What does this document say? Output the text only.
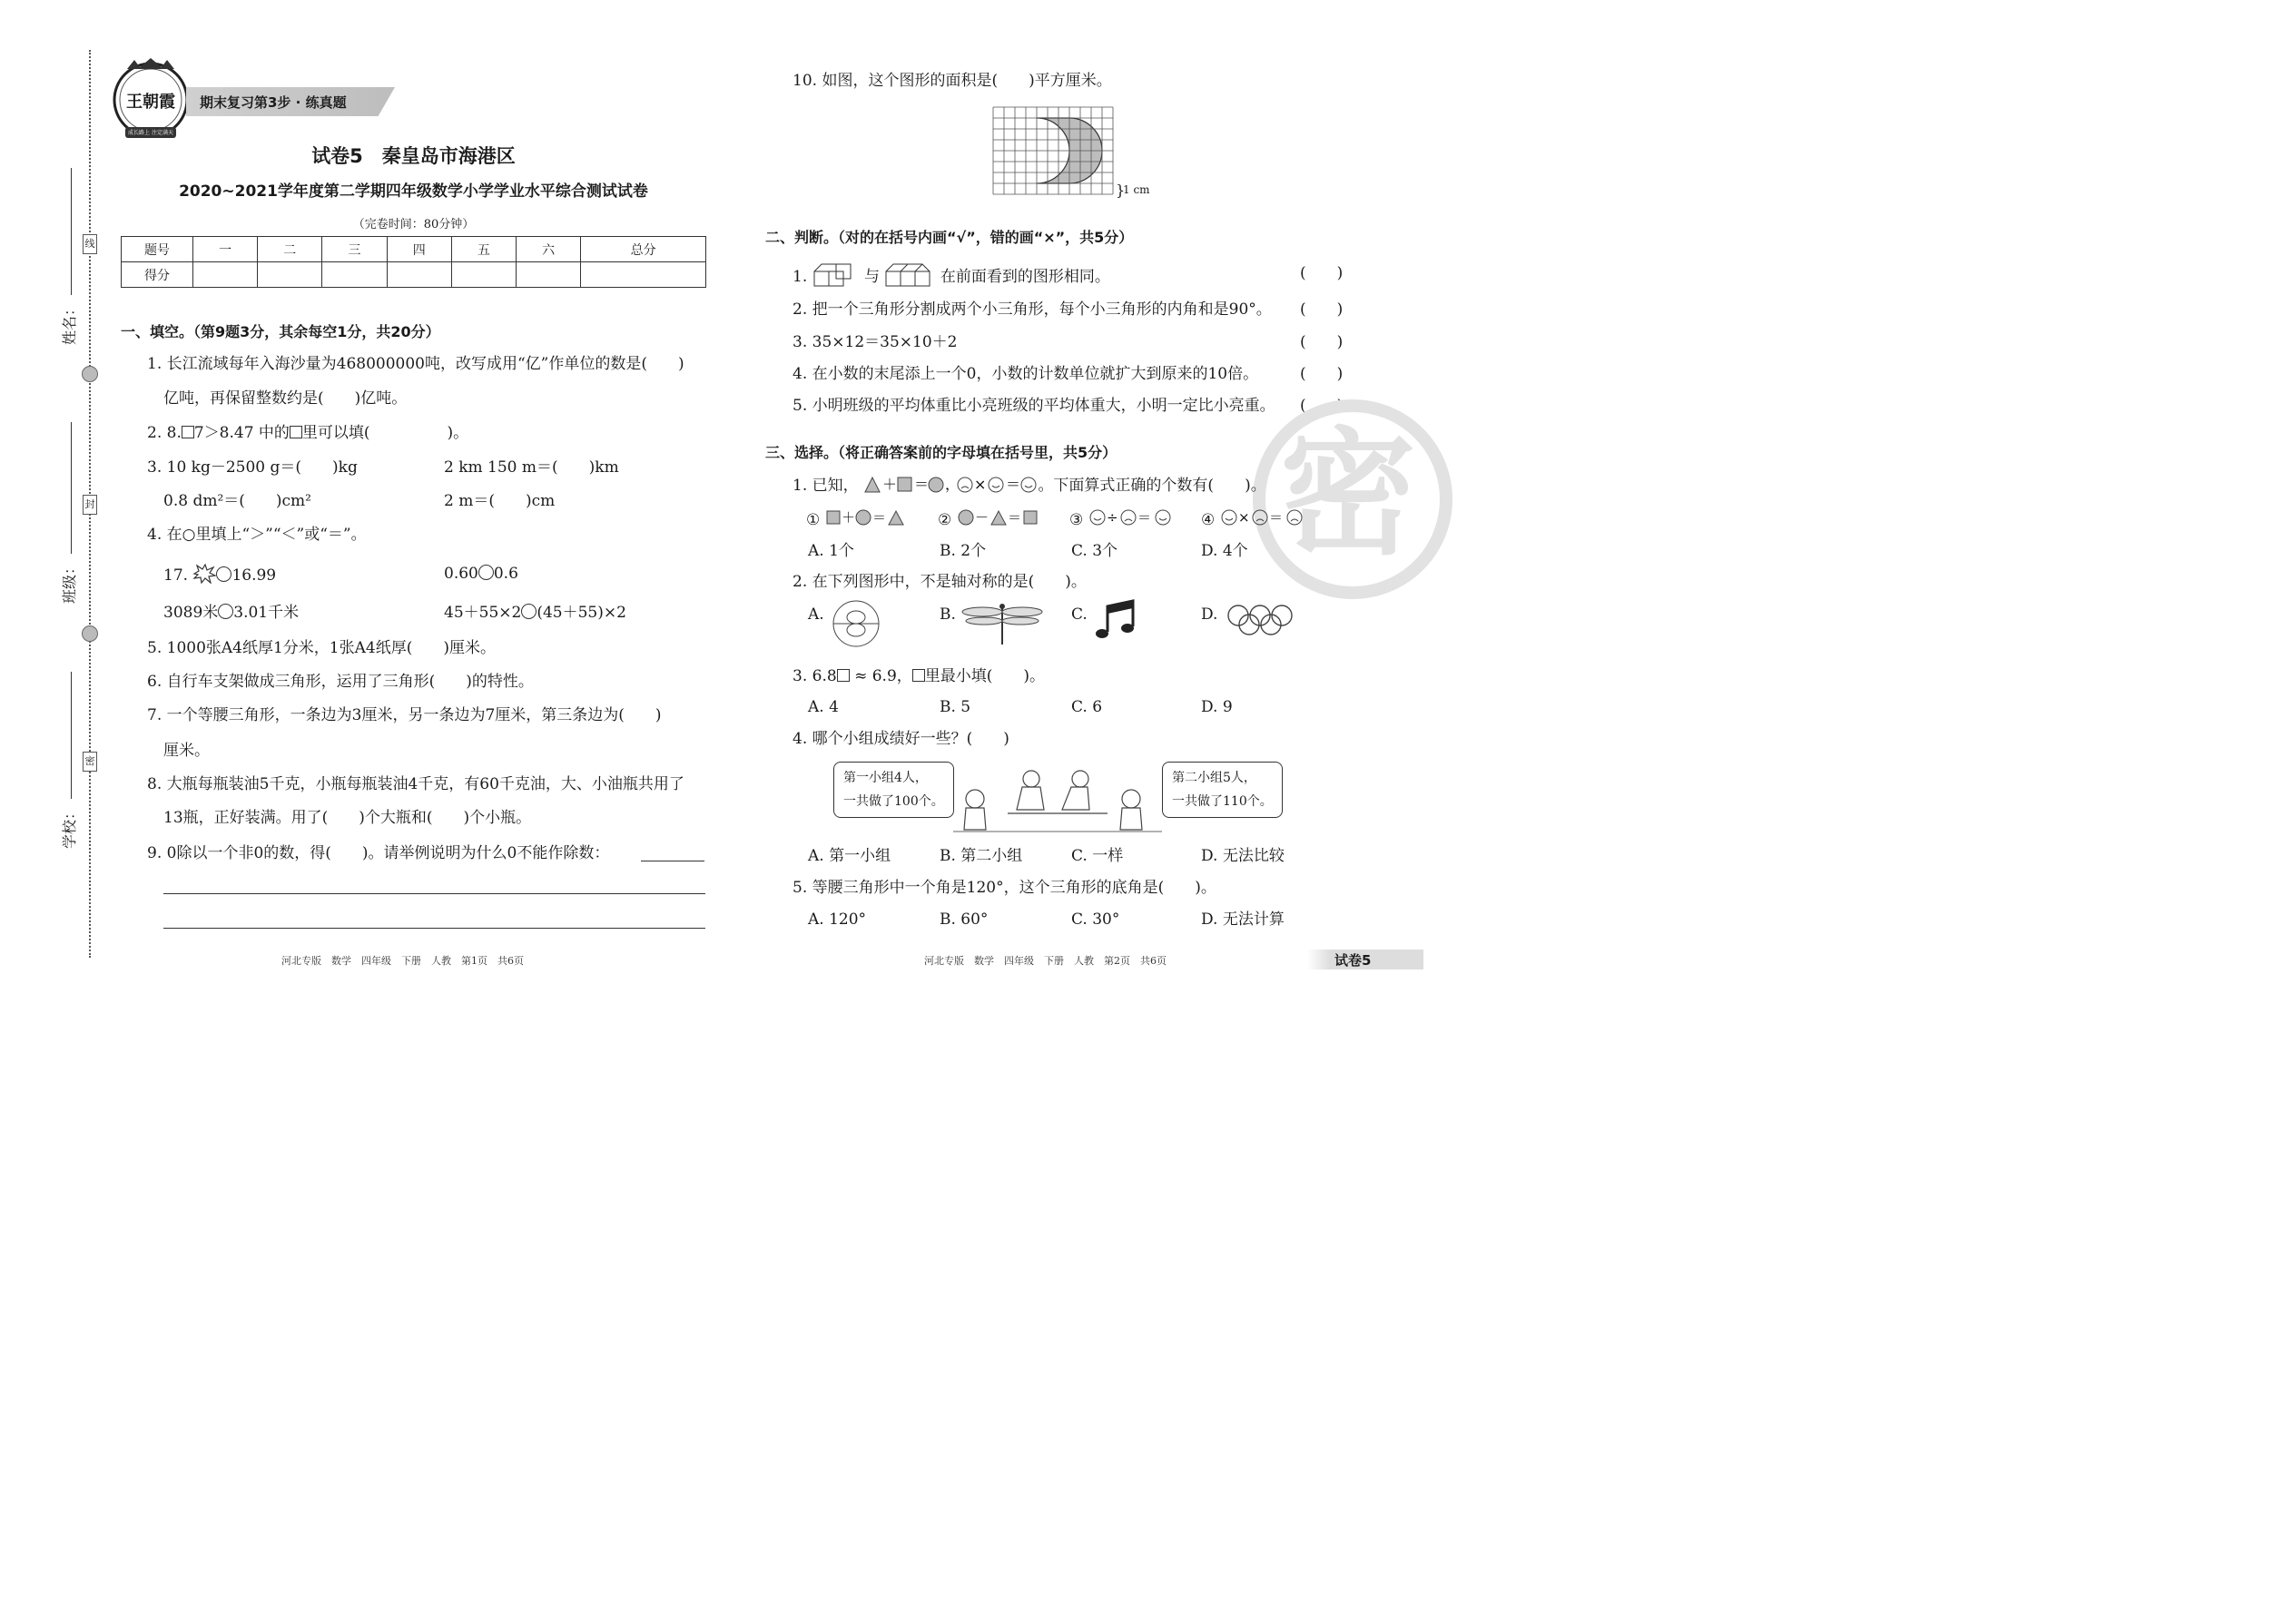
线
封
密
姓名：
班级：
学校：
王朝霞
成长路上 注定满天
期末复习第3步 · 练真题
试卷5　秦皇岛市海港区
2020~2021学年度第二学期四年级数学小学学业水平综合测试试卷
（完卷时间：80分钟）
题号	一	二	三	四	五	六	总分
得分							
一、填空。（第9题3分，其余每空1分，共20分）
1. 长江流域每年入海沙量为468000000吨，改写成用“亿”作单位的数是(　　)
亿吨，再保留整数约是(　　)亿吨。
2. 8. 7＞8.47 中的 里可以填(　　　　　)。
3. 10 kg－2500 g＝(　　)kg	2 km 150 m＝(　　)km
0.8 dm²＝(　　)cm²	2 m＝(　　)cm
4. 在○里填上“＞”“＜”或“＝”。
17.	16.99	0.60 0.6
3089米 3.01千米	45＋55×2 (45＋55)×2
5. 1000张A4纸厚1分米，1张A4纸厚(　　)厘米。
6. 自行车支架做成三角形，运用了三角形(　　)的特性。
7. 一个等腰三角形，一条边为3厘米，另一条边为7厘米，第三条边为(　　)
厘米。
8. 大瓶每瓶装油5千克，小瓶每瓶装油4千克，有60千克油，大、小油瓶共用了
13瓶，正好装满。用了(　　)个大瓶和(　　)个小瓶。
9. 0除以一个非0的数，得(　　)。请举例说明为什么0不能作除数：
10. 如图，这个图形的面积是(　　)平方厘米。
}
1 cm
二、判断。（对的在括号内画“√”，错的画“×”，共5分）
1.	与	在前面看到的图形相同。	(　　)
2. 把一个三角形分割成两个小三角形，每个小三角形的内角和是90°。 (　　)
3. 35×12＝35×10＋2	(　　)
4. 在小数的末尾添上一个0，小数的计数单位就扩大到原来的10倍。	(　　)
5. 小明班级的平均体重比小亮班级的平均体重大，小明一定比小亮重。 (　　)
密
三、选择。（将正确答案前的字母填在括号里，共5分）
1. 已知， ＋ ＝ ， × ＝ 。下面算式正确的个数有(　　)。
① ＋ ＝	② － ＝	③ ÷ ＝	④ × ＝
A. 1个	B. 2个	C. 3个	D. 4个
2. 在下列图形中，不是轴对称的是(　　)。
A.	B.	C.	D.
3. 6.8 ≈ 6.9， 里最小填(　　)。
A. 4	B. 5	C. 6	D. 9
4. 哪个小组成绩好一些？(　　)
第一小组4人，
一共做了100个。
第二小组5人，
一共做了110个。
A. 第一小组	B. 第二小组	C. 一样	D. 无法比较
5. 等腰三角形中一个角是120°，这个三角形的底角是(　　)。
A. 120°	B. 60°	C. 30°	D. 无法计算
河北专版　数学　四年级　下册　人教　第1页　共6页	河北专版　数学　四年级　下册　人教　第2页　共6页	试卷5
